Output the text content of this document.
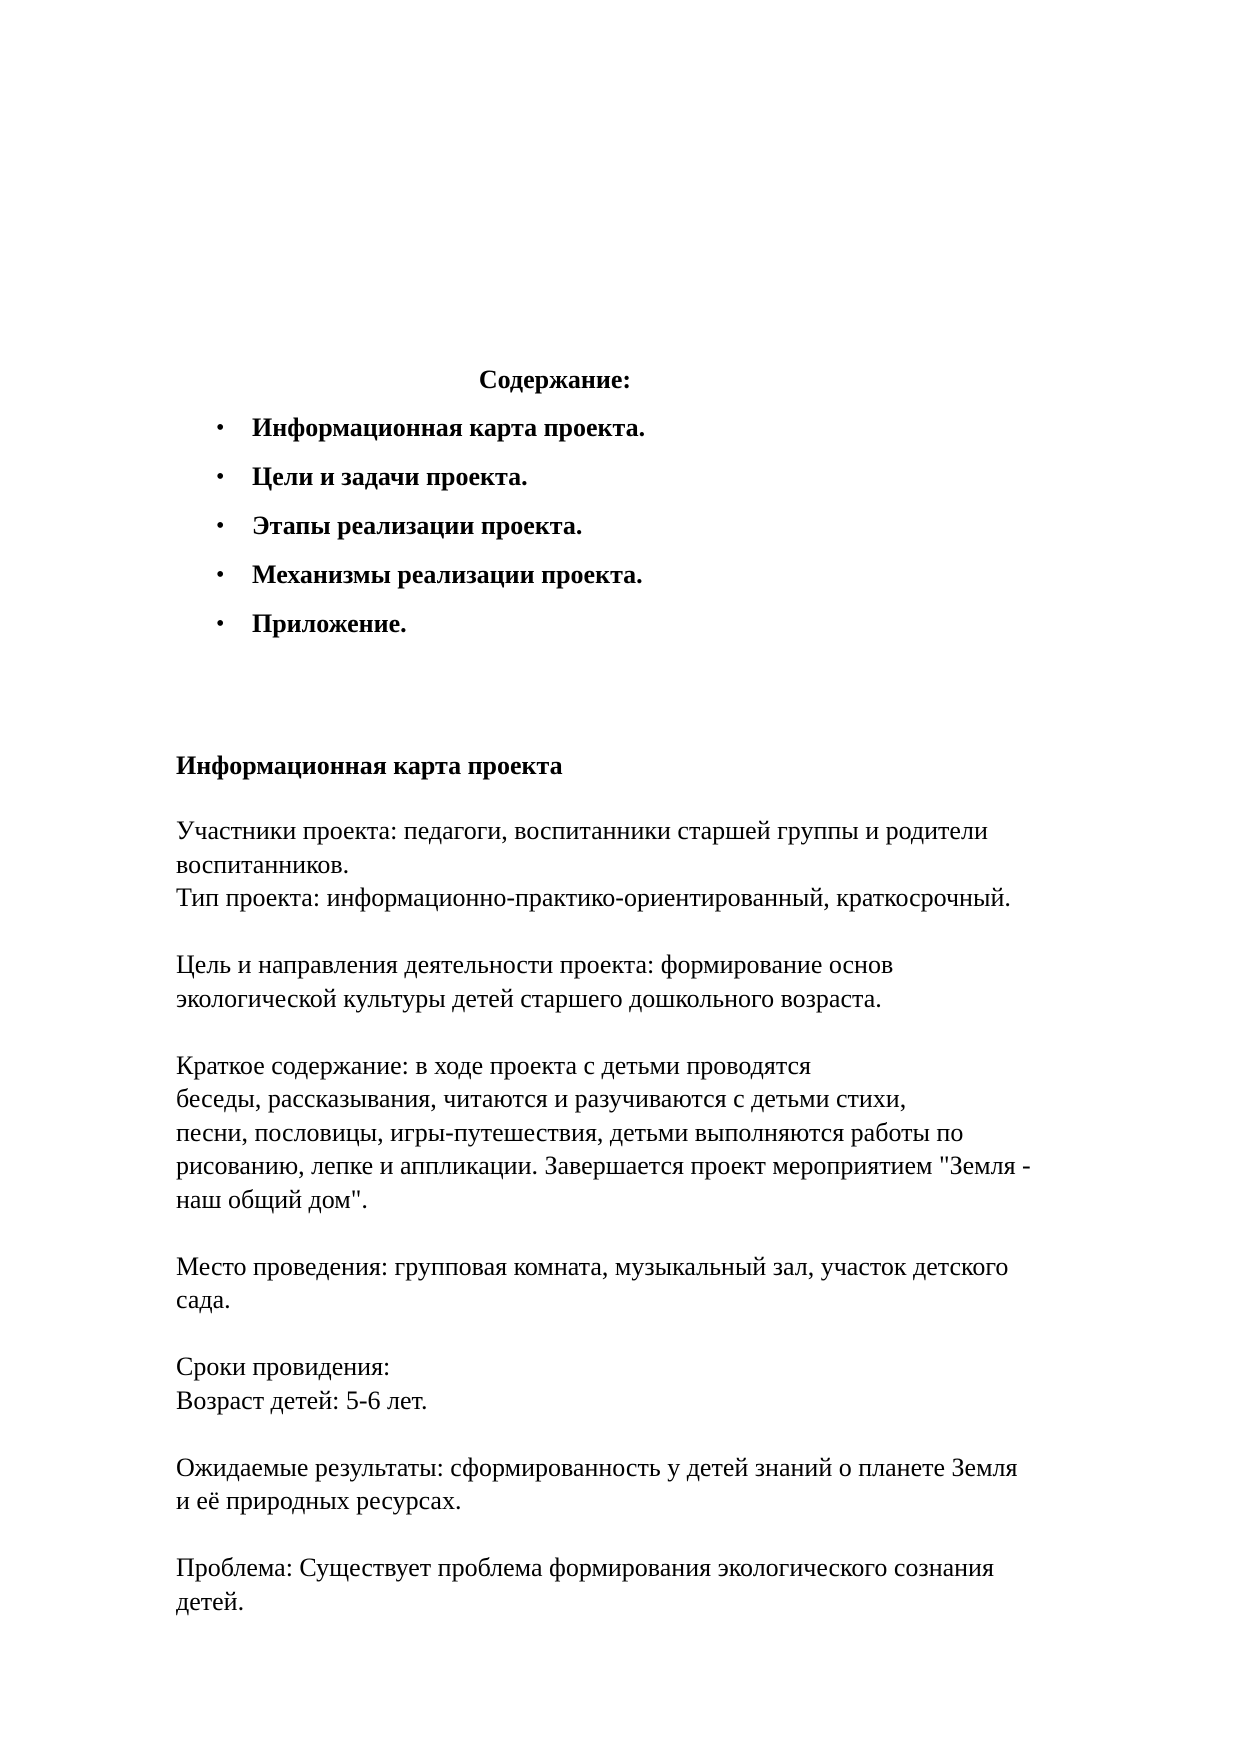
Содержание:
• Информационная карта проекта.
• Цели и задачи проекта.
• Этапы реализации проекта.
• Механизмы реализации проекта.
• Приложение.
Информационная карта проекта

Участники проекта: педагоги, воспитанники старшей группы и родители
воспитанников.
Тип проекта: информационно-практико-ориентированный, краткосрочный.

Цель и направления деятельности проекта: формирование основ
экологической культуры детей старшего дошкольного возраста.

Краткое содержание: в ходе проекта с детьми проводятся
беседы, рассказывания, читаются и разучиваются с детьми стихи,
песни, пословицы, игры-путешествия, детьми выполняются работы по
рисованию, лепке и аппликации. Завершается проект мероприятием "Земля -
наш общий дом".

Место проведения: групповая комната, музыкальный зал, участок детского
сада.

Сроки провидения:
Возраст детей: 5-6 лет.

Ожидаемые результаты: сформированность у детей знаний о планете Земля
и её природных ресурсах.

Проблема: Существует проблема формирования экологического сознания
детей.
